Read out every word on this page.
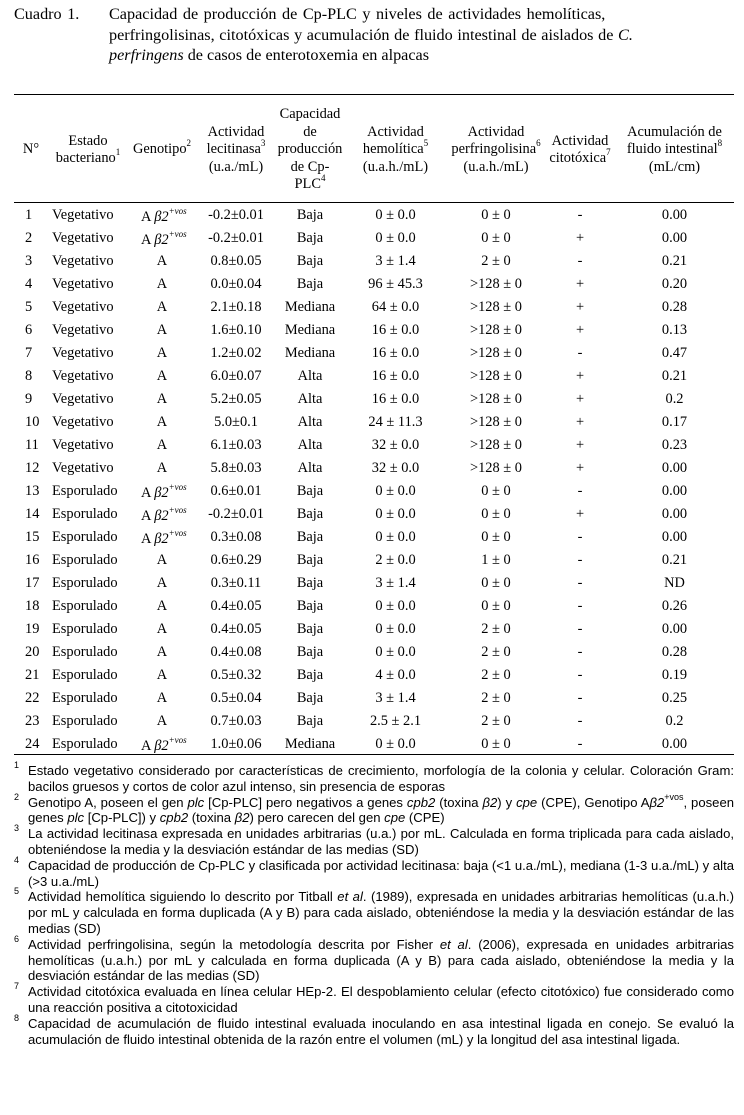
Cuadro 1. Capacidad de producción de Cp-PLC y niveles de actividades hemolíticas,
perfringolisinas, citotóxicas y acumulación de fluido intestinal de aislados de C.
perfringens de casos de enterotoxemia en alpacas
N°	Estado bacteriano$^1$	Genotipo$^2$	Actividad lecitinasa$^3$
(u.a./mL)	Capacidad de producción de Cp-PLC$^4$	Actividad hemolítica$^5$
(u.a.h./mL)	Actividad perfringolisina$^6$
(u.a.h./mL)	Actividad citotóxica$^7$	Acumulación de fluido intestinal$^8$
(mL/cm)
1	Vegetativo	A $\beta 2^{+vos}$	-0.2±0.01	Baja	0 ± 0.0	0 ± 0	-	0.00
2	Vegetativo	A $\beta 2^{+vos}$	-0.2±0.01	Baja	0 ± 0.0	0 ± 0	+	0.00
3	Vegetativo	A	0.8±0.05	Baja	3 ± 1.4	2 ± 0	-	0.21
4	Vegetativo	A	0.0±0.04	Baja	96 ± 45.3	>128 ± 0	+	0.20
5	Vegetativo	A	2.1±0.18	Mediana	64 ± 0.0	>128 ± 0	+	0.28
6	Vegetativo	A	1.6±0.10	Mediana	16 ± 0.0	>128 ± 0	+	0.13
7	Vegetativo	A	1.2±0.02	Mediana	16 ± 0.0	>128 ± 0	-	0.47
8	Vegetativo	A	6.0±0.07	Alta	16 ± 0.0	>128 ± 0	+	0.21
9	Vegetativo	A	5.2±0.05	Alta	16 ± 0.0	>128 ± 0	+	0.2
10	Vegetativo	A	5.0±0.1	Alta	24 ± 11.3	>128 ± 0	+	0.17
11	Vegetativo	A	6.1±0.03	Alta	32 ± 0.0	>128 ± 0	+	0.23
12	Vegetativo	A	5.8±0.03	Alta	32 ± 0.0	>128 ± 0	+	0.00
13	Esporulado	A $\beta 2^{+vos}$	0.6±0.01	Baja	0 ± 0.0	0 ± 0	-	0.00
14	Esporulado	A $\beta 2^{+vos}$	-0.2±0.01	Baja	0 ± 0.0	0 ± 0	+	0.00
15	Esporulado	A $\beta 2^{+vos}$	0.3±0.08	Baja	0 ± 0.0	0 ± 0	-	0.00
16	Esporulado	A	0.6±0.29	Baja	2 ± 0.0	1 ± 0	-	0.21
17	Esporulado	A	0.3±0.11	Baja	3 ± 1.4	0 ± 0	-	ND
18	Esporulado	A	0.4±0.05	Baja	0 ± 0.0	0 ± 0	-	0.26
19	Esporulado	A	0.4±0.05	Baja	0 ± 0.0	2 ± 0	-	0.00
20	Esporulado	A	0.4±0.08	Baja	0 ± 0.0	2 ± 0	-	0.28
21	Esporulado	A	0.5±0.32	Baja	4 ± 0.0	2 ± 0	-	0.19
22	Esporulado	A	0.5±0.04	Baja	3 ± 1.4	2 ± 0	-	0.25
23	Esporulado	A	0.7±0.03	Baja	2.5 ± 2.1	2 ± 0	-	0.2
24	Esporulado	A $\beta 2^{+vos}$	1.0±0.06	Mediana	0 ± 0.0	0 ± 0	-	0.00
1 Estado vegetativo considerado por características de crecimiento, morfología de la colonia y celular. Coloración Gram: bacilos gruesos y cortos de color azul intenso, sin presencia de esporas
2 Genotipo A, poseen el gen plc [Cp-PLC] pero negativos a genes cpb2 (toxina β2) y cpe (CPE), Genotipo $A\beta 2^{+vos}$, poseen genes plc [Cp-PLC]) y cpb2 (toxina β2) pero carecen del gen cpe (CPE)
3 La actividad lecitinasa expresada en unidades arbitrarias (u.a.) por mL. Calculada en forma triplicada para cada aislado, obteniéndose la media y la desviación estándar de las medias (SD)
4 Capacidad de producción de Cp-PLC y clasificada por actividad lecitinasa: baja (<1 u.a./mL), mediana (1-3 u.a./mL) y alta (>3 u.a./mL)
5 Actividad hemolítica siguiendo lo descrito por Titball et al. (1989), expresada en unidades arbitrarias hemolíticas (u.a.h.) por mL y calculada en forma duplicada (A y B) para cada aislado, obteniéndose la media y la desviación estándar de las medias (SD)
6 Actividad perfringolisina, según la metodología descrita por Fisher et al. (2006), expresada en unidades arbitrarias hemolíticas (u.a.h.) por mL y calculada en forma duplicada (A y B) para cada aislado, obteniéndose la media y la desviación estándar de las medias (SD)
7 Actividad citotóxica evaluada en línea celular HEp-2. El despoblamiento celular (efecto citotóxico) fue considerado como una reacción positiva a citotoxicidad
8 Capacidad de acumulación de fluido intestinal evaluada inoculando en asa intestinal ligada en conejo. Se evaluó la acumulación de fluido intestinal obtenida de la razón entre el volumen (mL) y la longitud del asa intestinal ligada.
